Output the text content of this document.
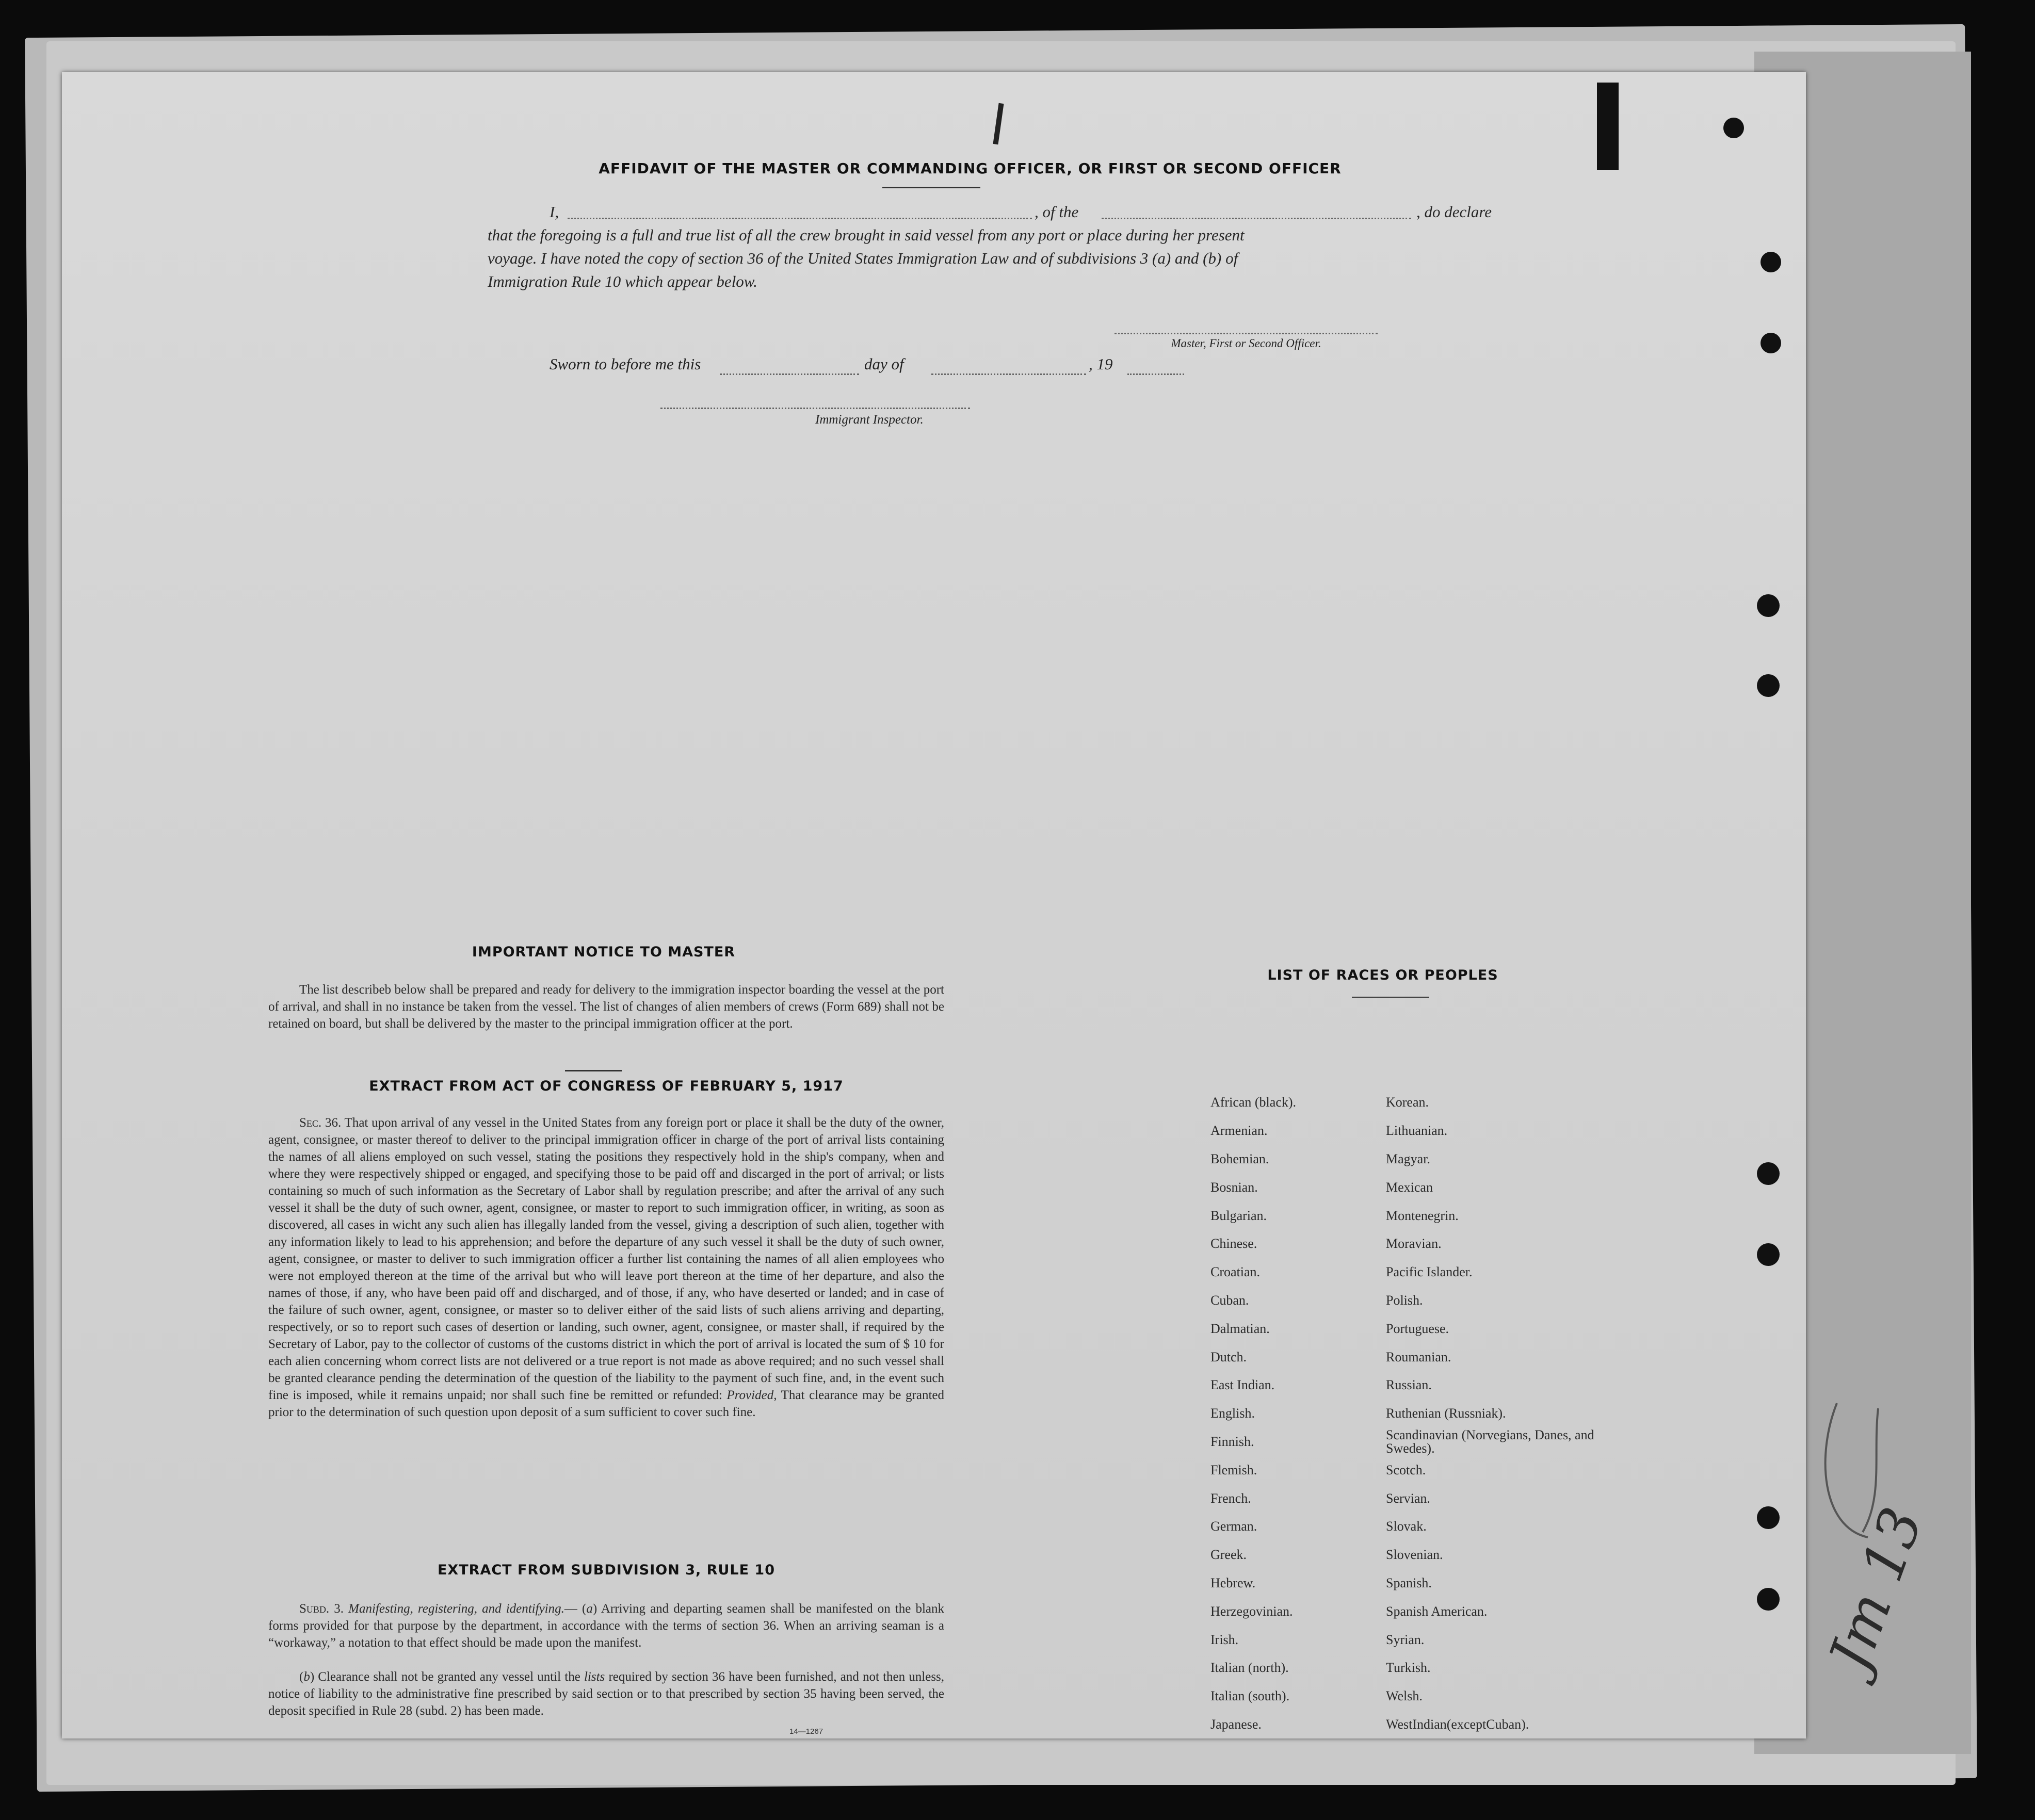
AFFIDAVIT OF THE MASTER OR COMMANDING OFFICER, OR FIRST OR SECOND OFFICER
I,	, of the	, do declare
that the foregoing is a full and true list of all the crew brought in said vessel from any port or place during her present
voyage. I have noted the copy of section 36 of the United States Immigration Law and of subdivisions 3 (a) and (b) of
Immigration Rule 10 which appear below.
Master, First or Second Officer.
Sworn to before me this	day of	, 19
Immigrant Inspector.
IMPORTANT NOTICE TO MASTER
The list describeb below shall be prepared and ready for delivery to the immigration inspector boarding the vessel at the port of arrival, and shall in no instance be taken from the vessel. The list of changes of alien members of crews (Form 689) shall not be retained on board, but shall be delivered by the master to the principal immigration officer at the port.
EXTRACT FROM ACT OF CONGRESS OF FEBRUARY 5, 1917
Sec. 36. That upon arrival of any vessel in the United States from any foreign port or place it shall be the duty of the owner, agent, consignee, or master thereof to deliver to the principal immigration officer in charge of the port of arrival lists containing the names of all aliens employed on such vessel, stating the positions they respectively hold in the ship's company, when and where they were respectively shipped or engaged, and specifying those to be paid off and discarged in the port of arrival; or lists containing so much of such information as the Secretary of Labor shall by regulation prescribe; and after the arrival of any such vessel it shall be the duty of such owner, agent, consignee, or master to report to such immigration officer, in writing, as soon as discovered, all cases in wicht any such alien has illegally landed from the vessel, giving a description of such alien, together with any information likely to lead to his apprehension; and before the departure of any such vessel it shall be the duty of such owner, agent, consignee, or master to deliver to such immigration officer a further list containing the names of all alien employees who were not employed thereon at the time of the arrival but who will leave port thereon at the time of her departure, and also the names of those, if any, who have been paid off and discharged, and of those, if any, who have deserted or landed; and in case of the failure of such owner, agent, consignee, or master so to deliver either of the said lists of such aliens arriving and departing, respectively, or so to report such cases of desertion or landing, such owner, agent, consignee, or master shall, if required by the Secretary of Labor, pay to the collector of customs of the customs district in which the port of arrival is located the sum of $ 10 for each alien concerning whom correct lists are not delivered or a true report is not made as above required; and no such vessel shall be granted clearance pending the determination of the question of the liability to the payment of such fine, and, in the event such fine is imposed, while it remains unpaid; nor shall such fine be remitted or refunded: Provided, That clearance may be granted prior to the determination of such question upon deposit of a sum sufficient to cover such fine.
EXTRACT FROM SUBDIVISION 3, RULE 10
Subd. 3. Manifesting, registering, and identifying.— (a) Arriving and departing seamen shall be manifested on the blank forms provided for that purpose by the department, in accordance with the terms of section 36. When an arriving seaman is a “workaway,” a notation to that effect should be made upon the manifest.
(b) Clearance shall not be granted any vessel until the lists required by section 36 have been furnished, and not then unless, notice of liability to the administrative fine prescribed by said section or to that prescribed by section 35 having been served, the deposit specified in Rule 28 (subd. 2) has been made.
14—1267
LIST OF RACES OR PEOPLES
African (black).	Korean.
Armenian.	Lithuanian.
Bohemian.	Magyar.
Bosnian.	Mexican
Bulgarian.	Montenegrin.
Chinese.	Moravian.
Croatian.	Pacific Islander.
Cuban.	Polish.
Dalmatian.	Portuguese.
Dutch.	Roumanian.
East Indian.	Russian.
English.	Ruthenian (Russniak).
Finnish.	Scandinavian (Norvegians, Danes, and Swedes).
Flemish.	Scotch.
French.	Servian.
German.	Slovak.
Greek.	Slovenian.
Hebrew.	Spanish.
Herzegovinian.	Spanish American.
Irish.	Syrian.
Italian (north).	Turkish.
Italian (south).	Welsh.
Japanese.	WestIndian(exceptCuban).
Jm 13
